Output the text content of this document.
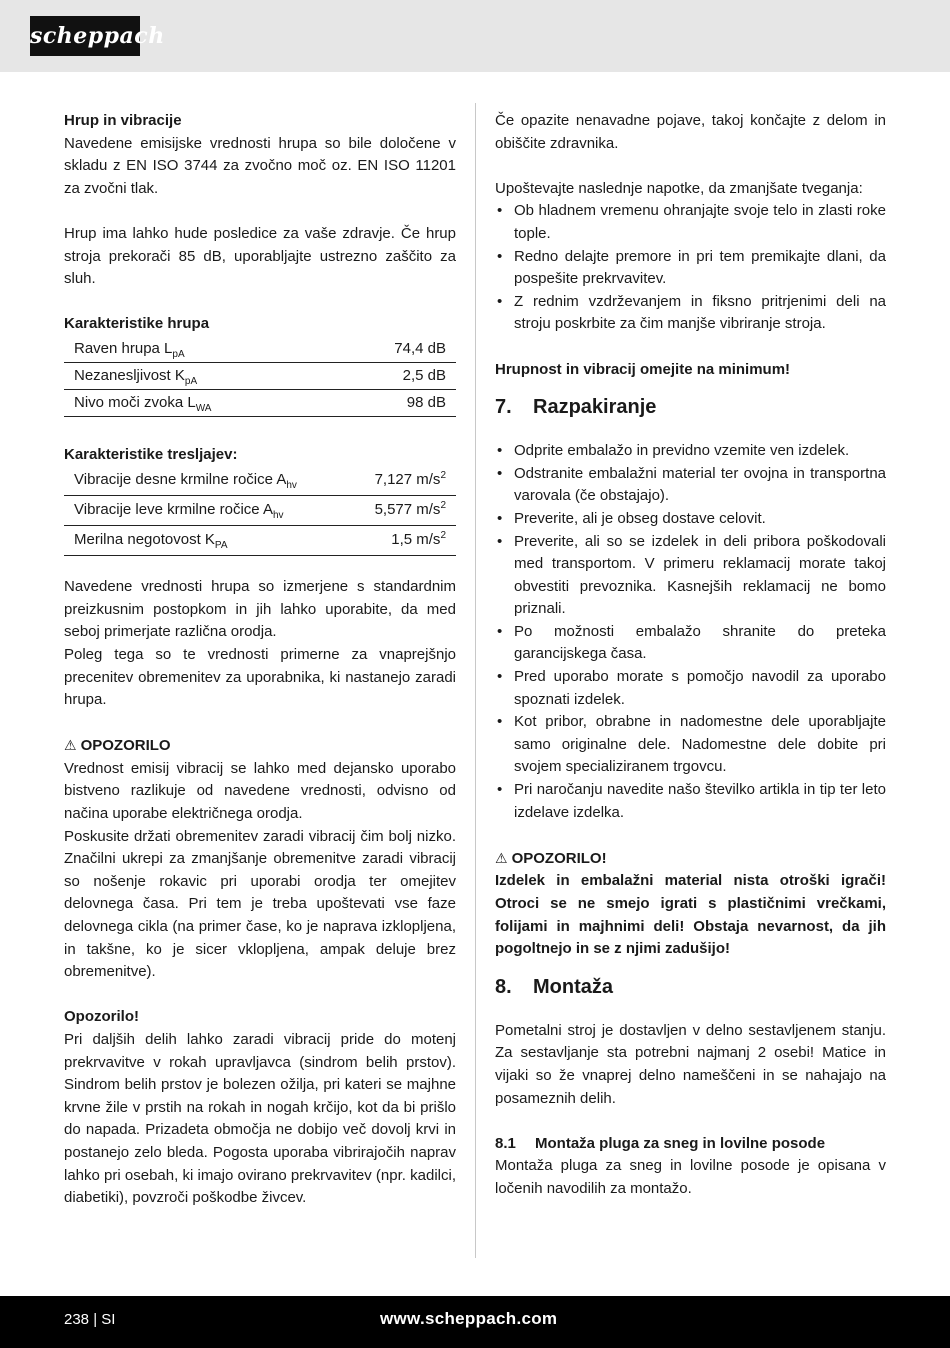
scheppach

Hrup in vibracije

Navedene emisijske vrednosti hrupa so bile določene v skladu z EN ISO 3744 za zvočno moč oz. EN ISO 11201 za zvočni tlak.

Hrup ima lahko hude posledice za vaše zdravje. Če hrup stroja prekorači 85 dB, uporabljajte ustrezno zaščito za sluh.

Karakteristike hrupa

Raven hrupa $L_{pA}$	74,4 dB
Nezanesljivost $K_{pA}$	2,5 dB
Nivo moči zvoka $L_{WA}$	98 dB

Karakteristike tresljajev:

Vibracije desne krmilne ročice $A_{hv}$	7,127 $m/s^2$
Vibracije leve krmilne ročice $A_{hv}$	5,577 $m/s^2$
Merilna negotovost $K_{PA}$	1,5 $m/s^2$

Navedene vrednosti hrupa so izmerjene s standardnim preizkusnim postopkom in jih lahko uporabite, da med seboj primerjate različna orodja.

Poleg tega so te vrednosti primerne za vnaprejšnjo precenitev obremenitev za uporabnika, ki nastanejo zaradi hrupa.

⚠ OPOZORILO

Vrednost emisij vibracij se lahko med dejansko uporabo bistveno razlikuje od navedene vrednosti, odvisno od načina uporabe električnega orodja.

Poskusite držati obremenitev zaradi vibracij čim bolj nizko. Značilni ukrepi za zmanjšanje obremenitve zaradi vibracij so nošenje rokavic pri uporabi orodja ter omejitev delovnega časa. Pri tem je treba upoštevati vse faze delovnega cikla (na primer čase, ko je naprava izklopljena, in takšne, ko je sicer vklopljena, ampak deluje brez obremenitve).

Opozorilo!

Pri daljših delih lahko zaradi vibracij pride do motenj prekrvavitve v rokah upravljavca (sindrom belih prstov). Sindrom belih prstov je bolezen ožilja, pri kateri se majhne krvne žile v prstih na rokah in nogah krčijo, kot da bi prišlo do napada. Prizadeta območja ne dobijo več dovolj krvi in postanejo zelo bleda. Pogosta uporaba vibrirajočih naprav lahko pri osebah, ki imajo ovirano prekrvavitev (npr. kadilci, diabetiki), povzroči poškodbe živcev.

Če opazite nenavadne pojave, takoj končajte z delom in obiščite zdravnika.

Upoštevajte naslednje napotke, da zmanjšate tveganja:

• Ob hladnem vremenu ohranjajte svoje telo in zlasti roke tople.
• Redno delajte premore in pri tem premikajte dlani, da pospešite prekrvavitev.
• Z rednim vzdrževanjem in fiksno pritrjenimi deli na stroju poskrbite za čim manjše vibriranje stroja.

Hrupnost in vibracij omejite na minimum!

7. Razpakiranje
• Odprite embalažo in previdno vzemite ven izdelek.
• Odstranite embalažni material ter ovojna in transportna varovala (če obstajajo).
• Preverite, ali je obseg dostave celovit.
• Preverite, ali so se izdelek in deli pribora poškodovali med transportom. V primeru reklamacij morate takoj obvestiti prevoznika. Kasnejših reklamacij ne bomo priznali.
• Po možnosti embalažo shranite do preteka garancijskega časa.
• Pred uporabo morate s pomočjo navodil za uporabo spoznati izdelek.
• Kot pribor, obrabne in nadomestne dele uporabljajte samo originalne dele. Nadomestne dele dobite pri svojem specializiranem trgovcu.
• Pri naročanju navedite našo številko artikla in tip ter leto izdelave izdelka.

⚠ OPOZORILO!

Izdelek in embalažni material nista otroški igrači! Otroci se ne smejo igrati s plastičnimi vrečkami, folijami in majhnimi deli! Obstaja nevarnost, da jih pogoltnejo in se z njimi zadušijo!

8. Montaža

Pometalni stroj je dostavljen v delno sestavljenem stanju. Za sestavljanje sta potrebni najmanj 2 osebi! Matice in vijaki so že vnaprej delno nameščeni in se nahajajo na posameznih delih.

8.1 Montaža pluga za sneg in lovilne posode

Montaža pluga za sneg in lovilne posode je opisana v ločenih navodilih za montažo.

238 | SI	www.scheppach.com
